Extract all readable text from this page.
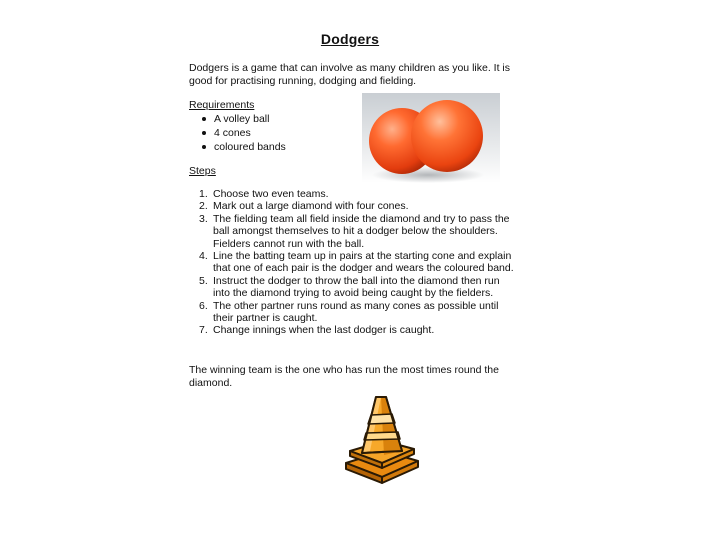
Dodgers
Dodgers is a game that can involve as many children as you like. It is good for practising running, dodging and fielding.
Requirements
A volley ball
4 cones
coloured bands
Steps
1. Choose two even teams.
2. Mark out a large diamond with four cones.
3. The fielding team all field inside the diamond and try to pass the ball amongst themselves to hit a dodger below the shoulders. Fielders cannot run with the ball.
4. Line the batting team up in pairs at the starting cone and explain that one of each pair is the dodger and wears the coloured band.
5. Instruct the dodger to throw the ball into the diamond then run into the diamond trying to avoid being caught by the fielders.
6. The other partner runs round as many cones as possible until their partner is caught.
7. Change innings when the last dodger is caught.
The winning team is the one who has run the most times round the diamond.
